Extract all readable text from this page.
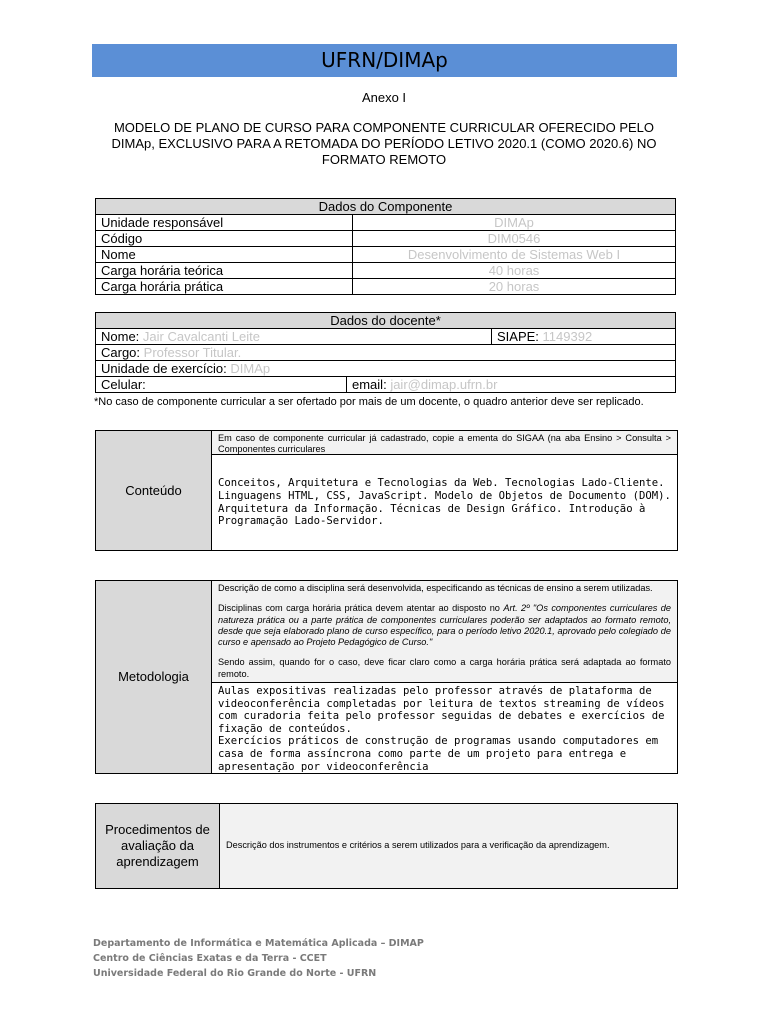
UFRN/DIMAp
Anexo I
MODELO DE PLANO DE CURSO PARA COMPONENTE CURRICULAR OFERECIDO PELO DIMAp, EXCLUSIVO PARA A RETOMADA DO PERÍODO LETIVO 2020.1 (COMO 2020.6) NO FORMATO REMOTO
Dados do Componente	
Unidade responsável	DIMAp
Código	DIM0546
Nome	Desenvolvimento de Sistemas Web I
Carga horária teórica	40 horas
Carga horária prática	20 horas
Dados do docente*		
Nome: Jair Cavalcanti Leite		SIAPE: 1149392
Cargo: Professor Titular.		
Unidade de exercício: DIMAp		
Celular:	email: jair@dimap.ufrn.br	
*No caso de componente curricular a ser ofertado por mais de um docente, o quadro anterior deve ser replicado.
Conteúdo
Em caso de componente curricular já cadastrado, copie a ementa do SIGAA (na aba Ensino > Consulta > Componentes curriculares
Conceitos, Arquitetura e Tecnologias da Web. Tecnologias Lado-Cliente. Linguagens HTML, CSS, JavaScript. Modelo de Objetos de Documento (DOM). Arquitetura da Informação. Técnicas de Design Gráfico. Introdução à Programação Lado-Servidor.
Metodologia
Descrição de como a disciplina será desenvolvida, especificando as técnicas de ensino a serem utilizadas.
Disciplinas com carga horária prática devem atentar ao disposto no Art. 2º "Os componentes curriculares de natureza prática ou a parte prática de componentes curriculares poderão ser adaptados ao formato remoto, desde que seja elaborado plano de curso específico, para o período letivo 2020.1, aprovado pelo colegiado de curso e apensado ao Projeto Pedagógico de Curso."
Sendo assim, quando for o caso, deve ficar claro como a carga horária prática será adaptada ao formato remoto.
Aulas expositivas realizadas pelo professor através de plataforma de videoconferência completadas por leitura de textos streaming de vídeos com curadoria feita pelo professor seguidas de debates e exercícios de fixação de conteúdos.
Exercícios práticos de construção de programas usando computadores em casa de forma assíncrona como parte de um projeto para entrega e apresentação por videoconferência
Procedimentos de avaliação da aprendizagem
Descrição dos instrumentos e critérios a serem utilizados para a verificação da aprendizagem.
Departamento de Informática e Matemática Aplicada – DIMAP
Centro de Ciências Exatas e da Terra - CCET
Universidade Federal do Rio Grande do Norte - UFRN
